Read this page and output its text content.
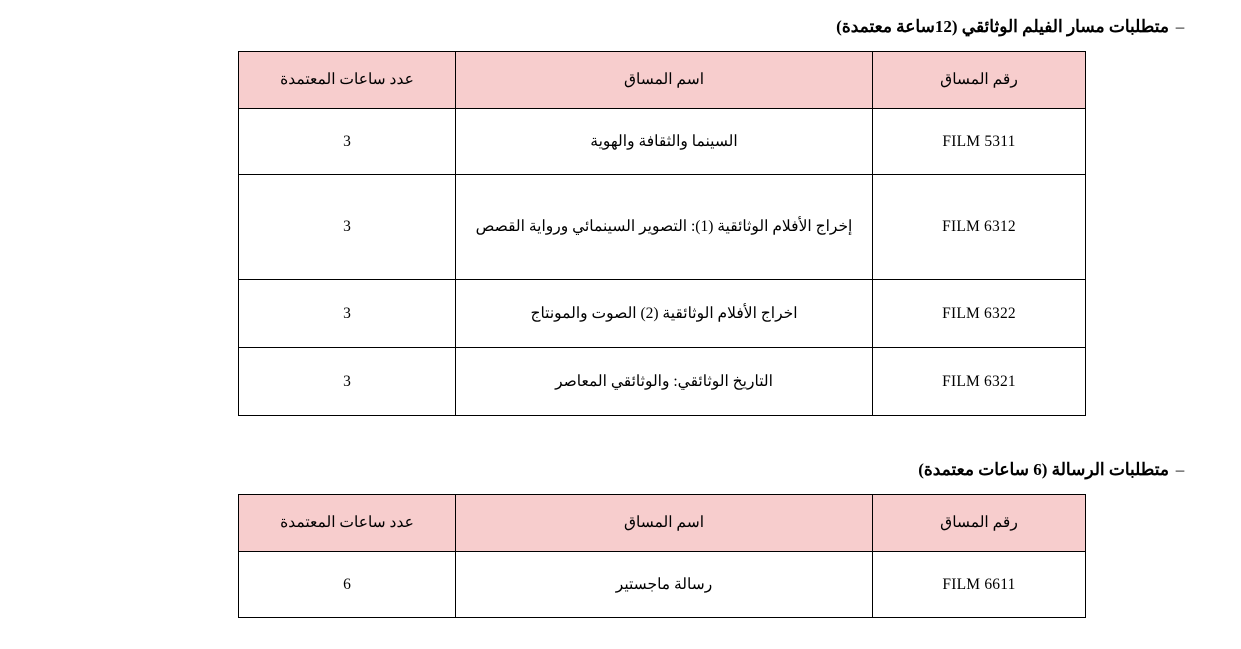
–
متطلبات مسار الفيلم الوثائقي (12ساعة معتمدة)
رقم المساق	اسم المساق	عدد ساعات المعتمدة
FILM 5311	السينما والثقافة والهوية	3
FILM 6312	إخراج الأفلام الوثائقية (1): التصوير السينمائي ورواية القصص	3
FILM 6322	اخراج الأفلام الوثائقية (2) الصوت والمونتاج	3
FILM 6321	التاريخ الوثائقي: والوثائقي المعاصر	3
–
متطلبات الرسالة (6 ساعات معتمدة)
رقم المساق	اسم المساق	عدد ساعات المعتمدة
FILM 6611	رسالة ماجستير	6
